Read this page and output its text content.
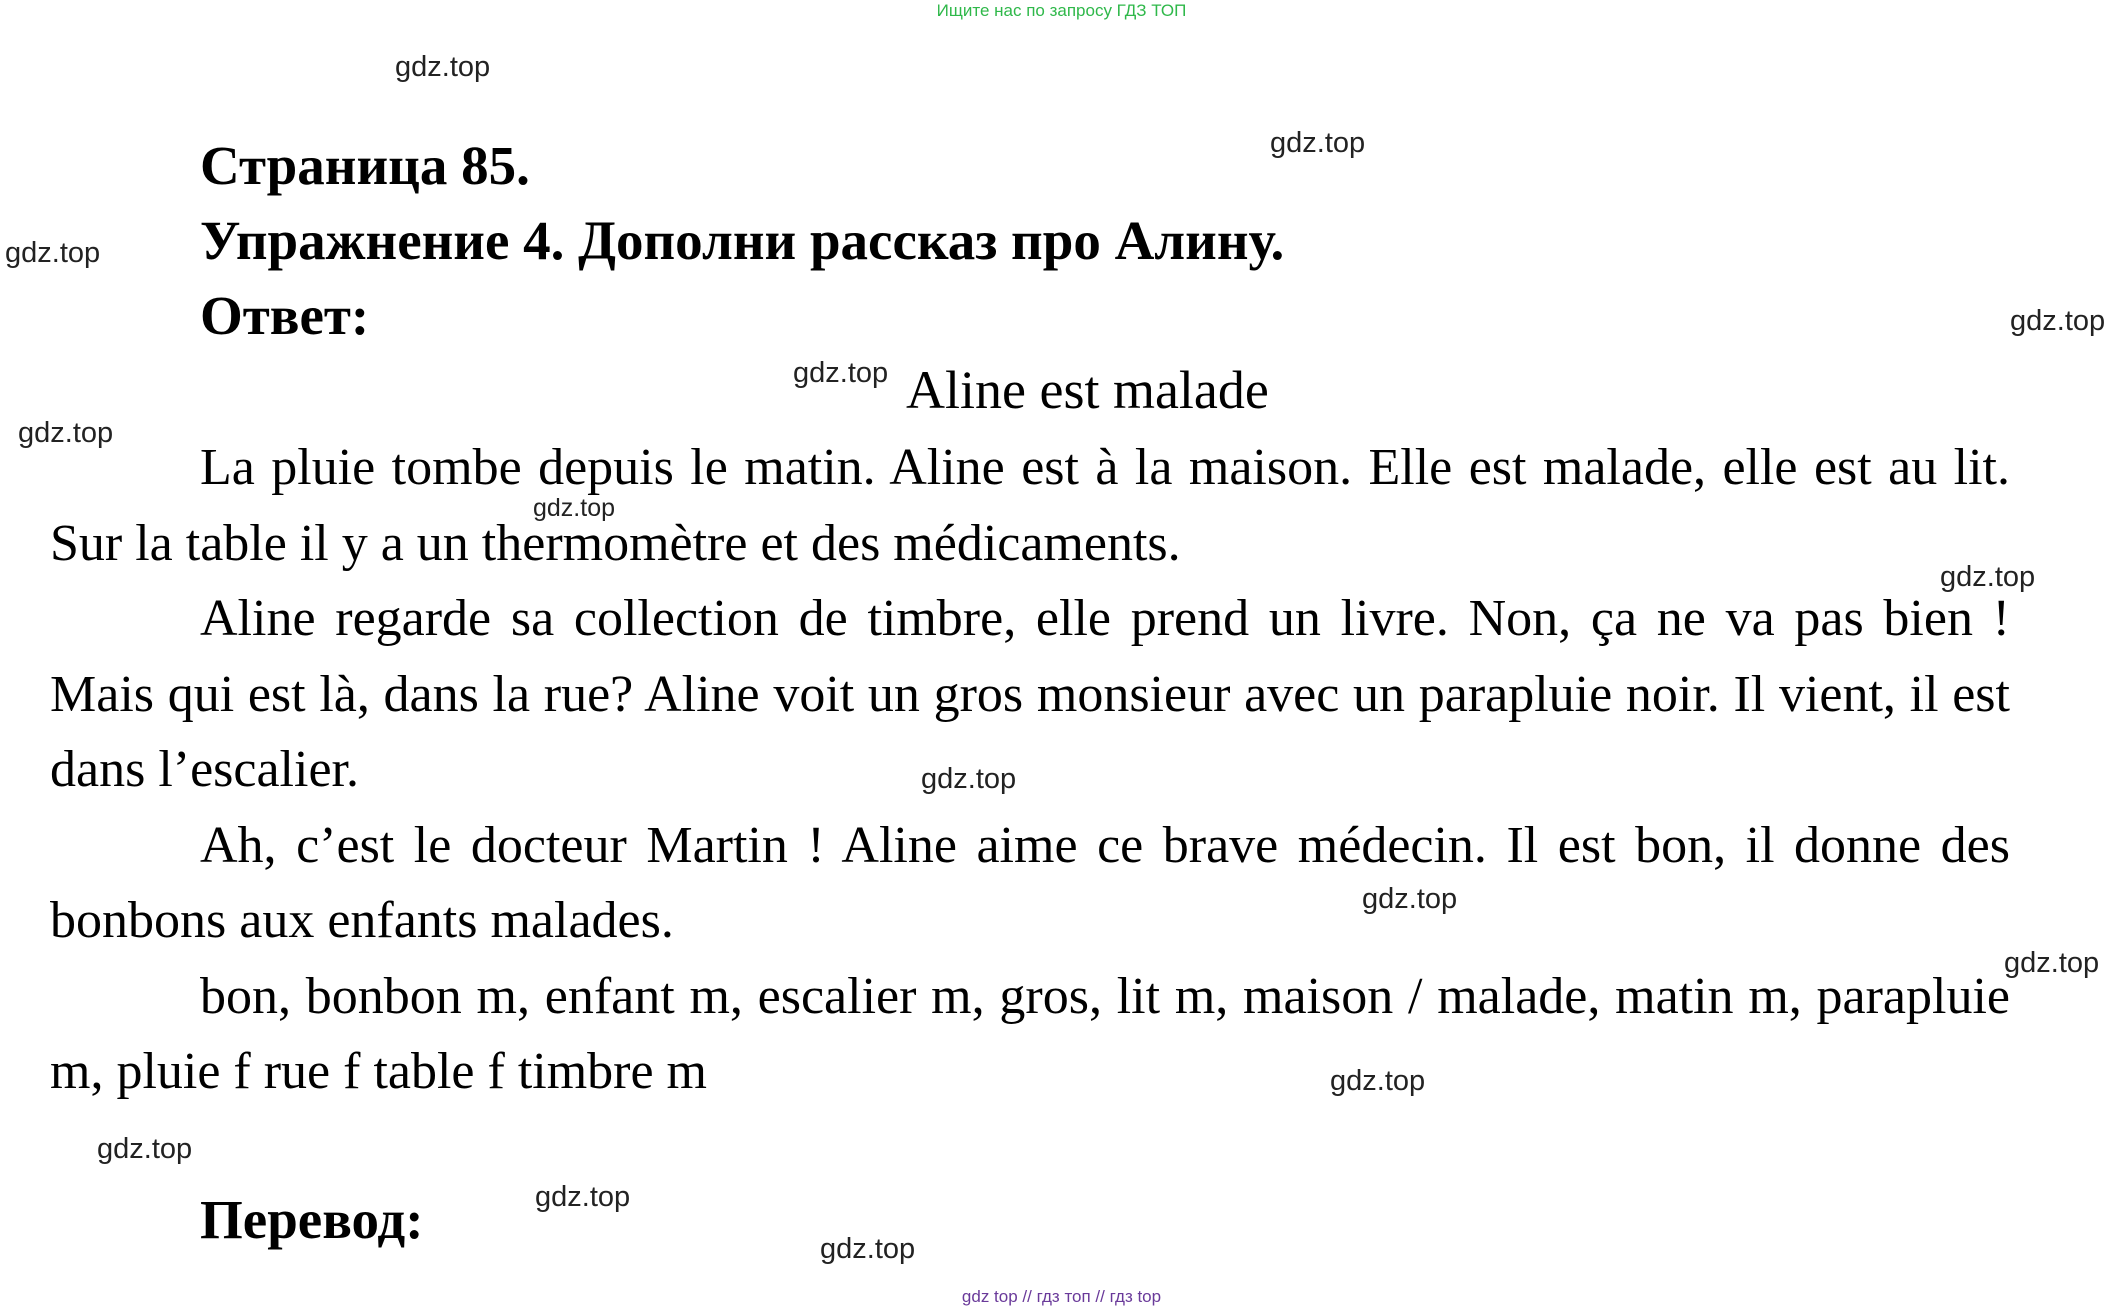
Ищите нас по запросу ГДЗ ТОП
gdz.top
gdz.top
gdz.top
gdz.top
gdz.top
gdz.top
gdz.top
gdz.top
gdz.top
gdz.top
gdz.top
gdz.top
gdz.top
gdz.top
gdz.top
Страница 85.
Упражнение 4. Дополни рассказ про Алину.
Ответ:
Aline est malade

La pluie tombe depuis le matin. Aline est à la maison. Elle est malade, elle est au lit. Sur la table il y a un thermomètre et des médicaments.

Aline regarde sa collection de timbre, elle prend un livre. Non, ça ne va pas bien ! Mais qui est là, dans la rue? Aline voit un gros monsieur avec un parapluie noir. Il vient, il est dans l’escalier.

Ah, c’est le docteur Martin ! Aline aime ce brave médecin. Il est bon, il donne des bonbons aux enfants malades.

bon, bonbon m, enfant m, escalier m, gros, lit m, maison / malade, matin m, parapluie m, pluie f rue f table f timbre m

Перевод:
gdz top // гдз топ // гдз top
